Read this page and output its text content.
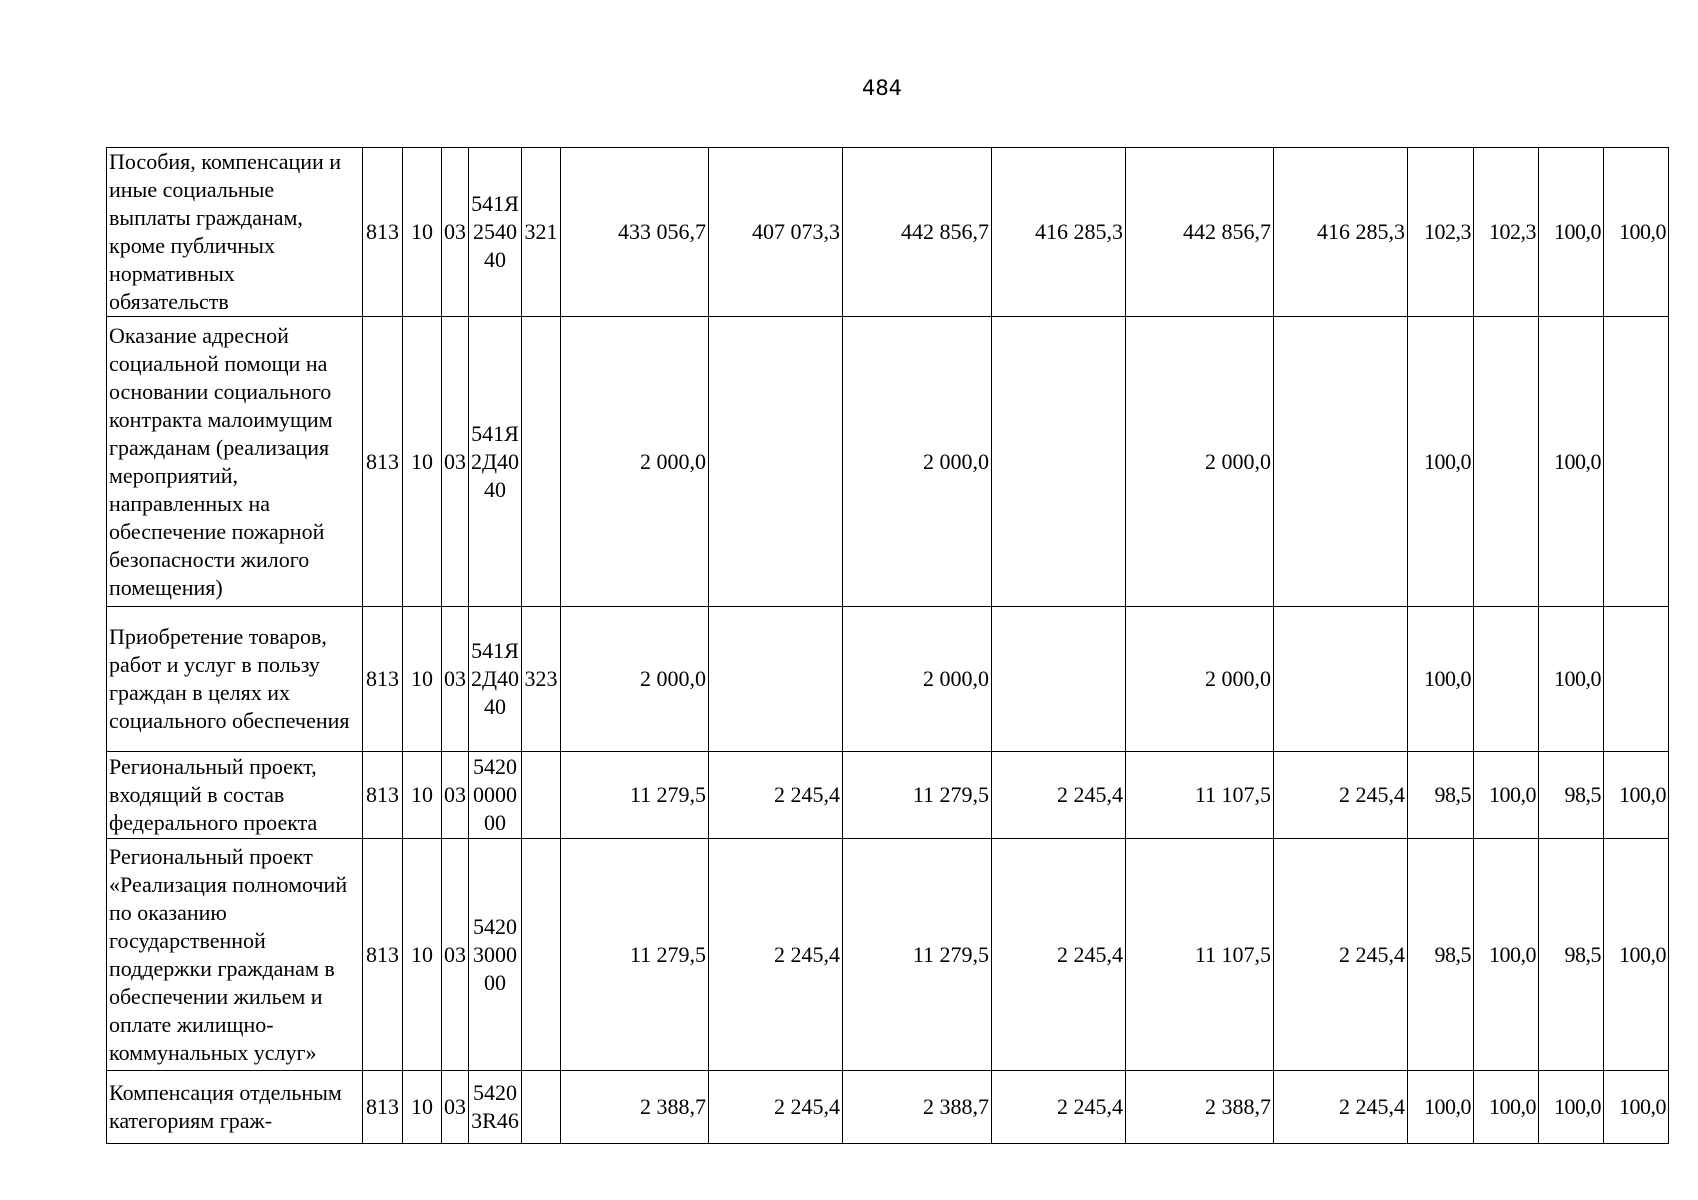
484
Пособия, компенсации и иные социальные выплаты гражданам, кроме публичных нормативных обязательств	813	10	03	541Я254040	321	433 056,7	407 073,3	442 856,7	416 285,3	442 856,7	416 285,3	102,3	102,3	100,0	100,0
Оказание адресной социальной помощи на основании социального контракта малоимущим гражданам (реализация мероприятий, направленных на обеспечение пожарной безопасности жилого помещения)	813	10	03	541Я2Д4040		2 000,0		2 000,0		2 000,0		100,0		100,0	
Приобретение товаров, работ и услуг в пользу граждан в целях их социального обеспечения	813	10	03	541Я2Д4040	323	2 000,0		2 000,0		2 000,0		100,0		100,0	
Региональный проект, входящий в состав федерального проекта	813	10	03	5420000000		11 279,5	2 245,4	11 279,5	2 245,4	11 107,5	2 245,4	98,5	100,0	98,5	100,0
Региональный проект «Реализация полномочий по оказанию государственной поддержки гражданам в обеспечении жильем и оплате жилищно-коммунальных услуг»	813	10	03	5420300000		11 279,5	2 245,4	11 279,5	2 245,4	11 107,5	2 245,4	98,5	100,0	98,5	100,0
Компенсация отдельным категориям граж-	813	10	03	54203R46		2 388,7	2 245,4	2 388,7	2 245,4	2 388,7	2 245,4	100,0	100,0	100,0	100,0
